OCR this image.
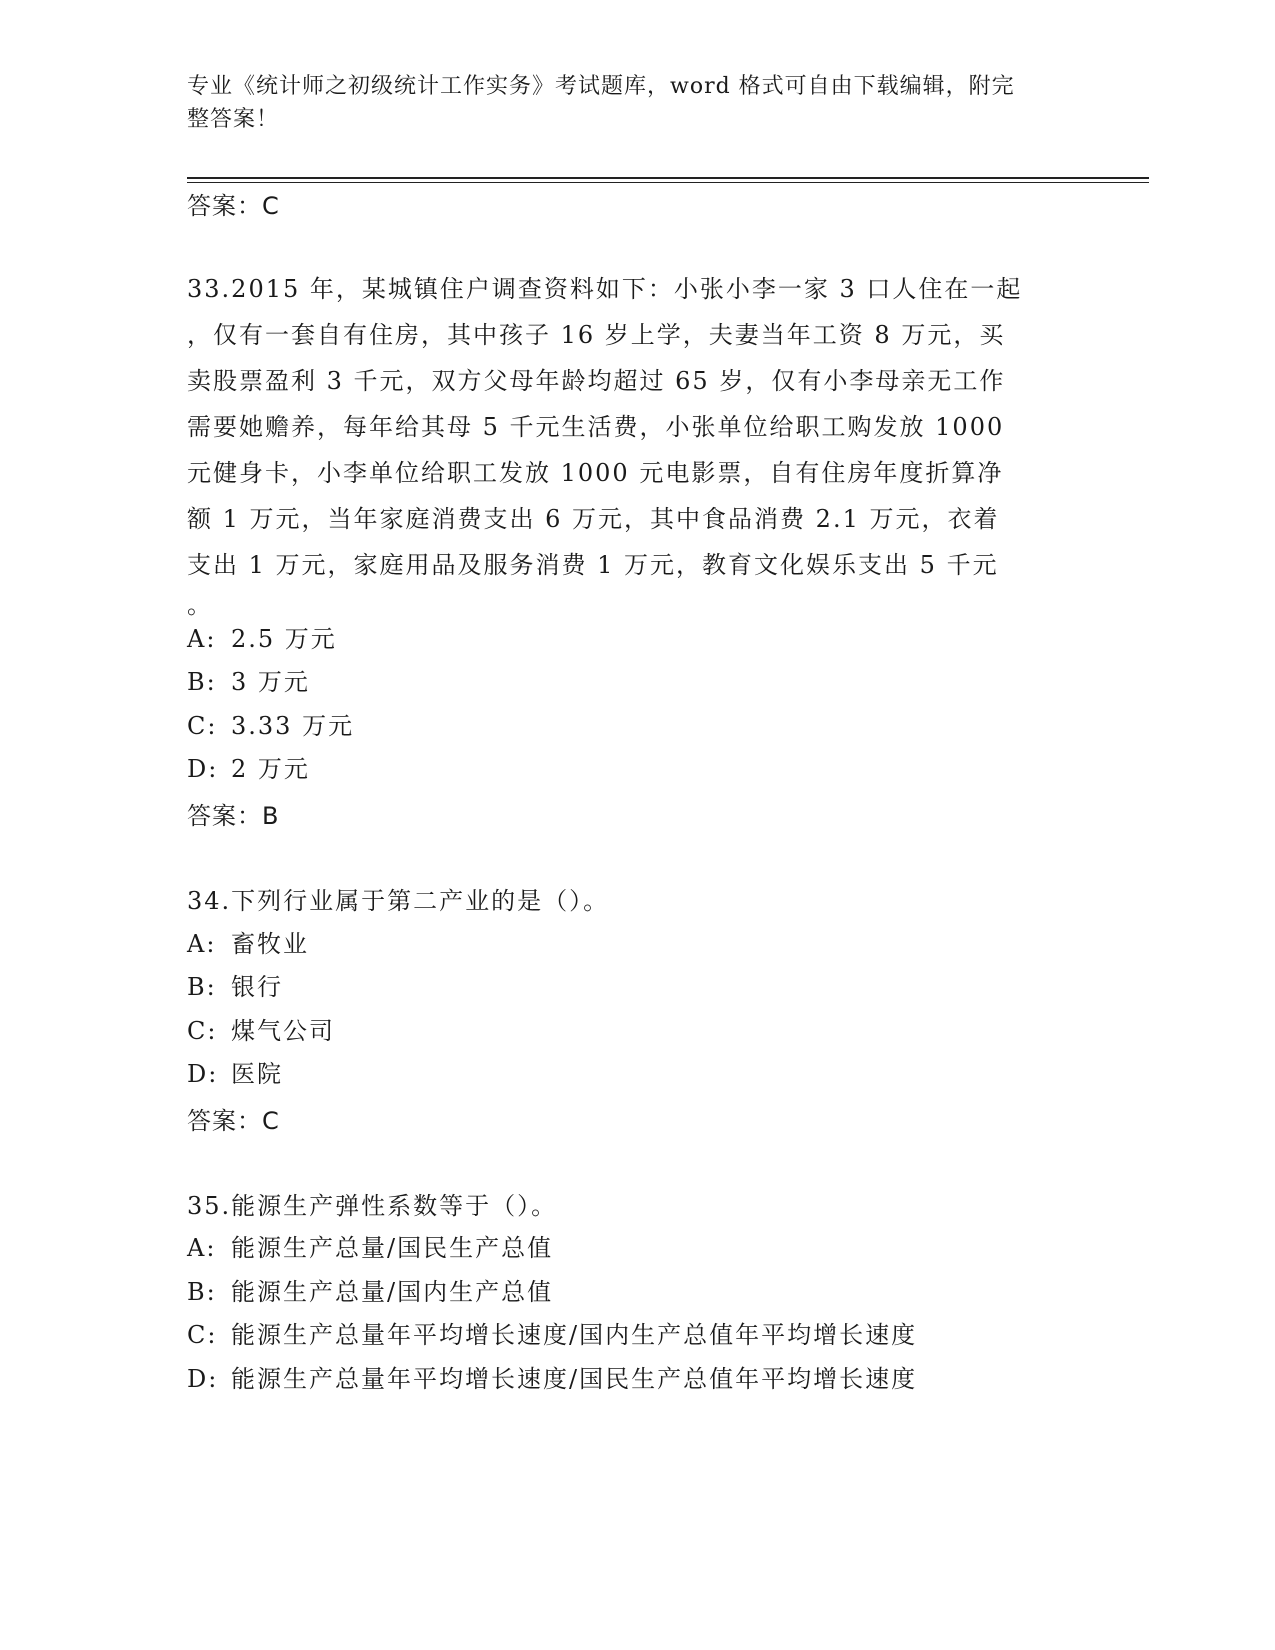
专业《统计师之初级统计工作实务》考试题库，word 格式可自由下载编辑，附完
整答案！
答案：C
33.2015 年，某城镇住户调查资料如下：小张小李一家 3 口人住在一起
，仅有一套自有住房，其中孩子 16 岁上学，夫妻当年工资 8 万元，买
卖股票盈利 3 千元，双方父母年龄均超过 65 岁，仅有小李母亲无工作
需要她赡养，每年给其母 5 千元生活费，小张单位给职工购发放 1000
元健身卡，小李单位给职工发放 1000 元电影票，自有住房年度折算净
额 1 万元，当年家庭消费支出 6 万元，其中食品消费 2.1 万元，衣着
支出 1 万元，家庭用品及服务消费 1 万元，教育文化娱乐支出 5 千元
。
A: 2.5 万元
B: 3 万元
C: 3.33 万元
D: 2 万元
答案：B
34.下列行业属于第二产业的是（）。
A: 畜牧业
B: 银行
C: 煤气公司
D: 医院
答案：C
35.能源生产弹性系数等于（）。
A: 能源生产总量/国民生产总值
B: 能源生产总量/国内生产总值
C: 能源生产总量年平均增长速度/国内生产总值年平均增长速度
D: 能源生产总量年平均增长速度/国民生产总值年平均增长速度
